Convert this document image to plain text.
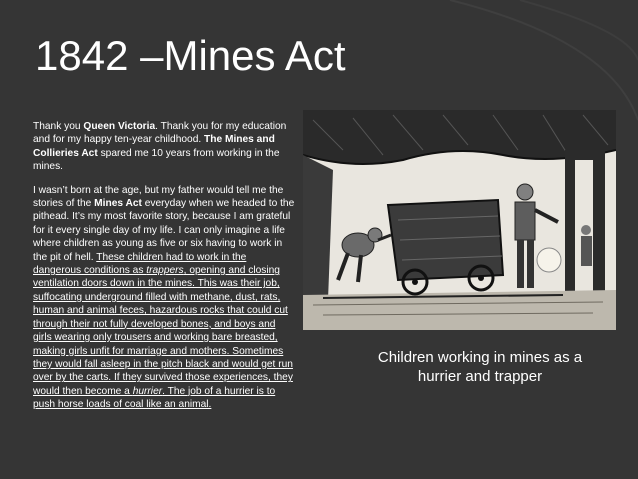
1842 –Mines Act

Thank you Queen Victoria. Thank you for my education and for my happy ten-year childhood. The Mines and Collieries Act spared me 10 years from working in the mines.

I wasn’t born at the age, but my father would tell me the stories of the Mines Act everyday when we headed to the pithead. It’s my most favorite story, because I am grateful for it every single day of my life. I can only imagine a life where children as young as five or six having to work in the pit of hell. These children had to work in the dangerous conditions as trappers, opening and closing ventilation doors down in the mines. This was their job, suffocating underground filled with methane, dust, rats, human and animal feces, hazardous rocks that could cut through their not fully developed bones, and boys and girls wearing only trousers and working bare breasted, making girls unfit for marriage and mothers. Sometimes they would fall asleep in the pitch black and would get run over by the carts. If they survived those experiences, they would then become a hurrier. The job of a hurrier is to push horse loads of coal like an animal.

Children working in mines as a hurrier and trapper
